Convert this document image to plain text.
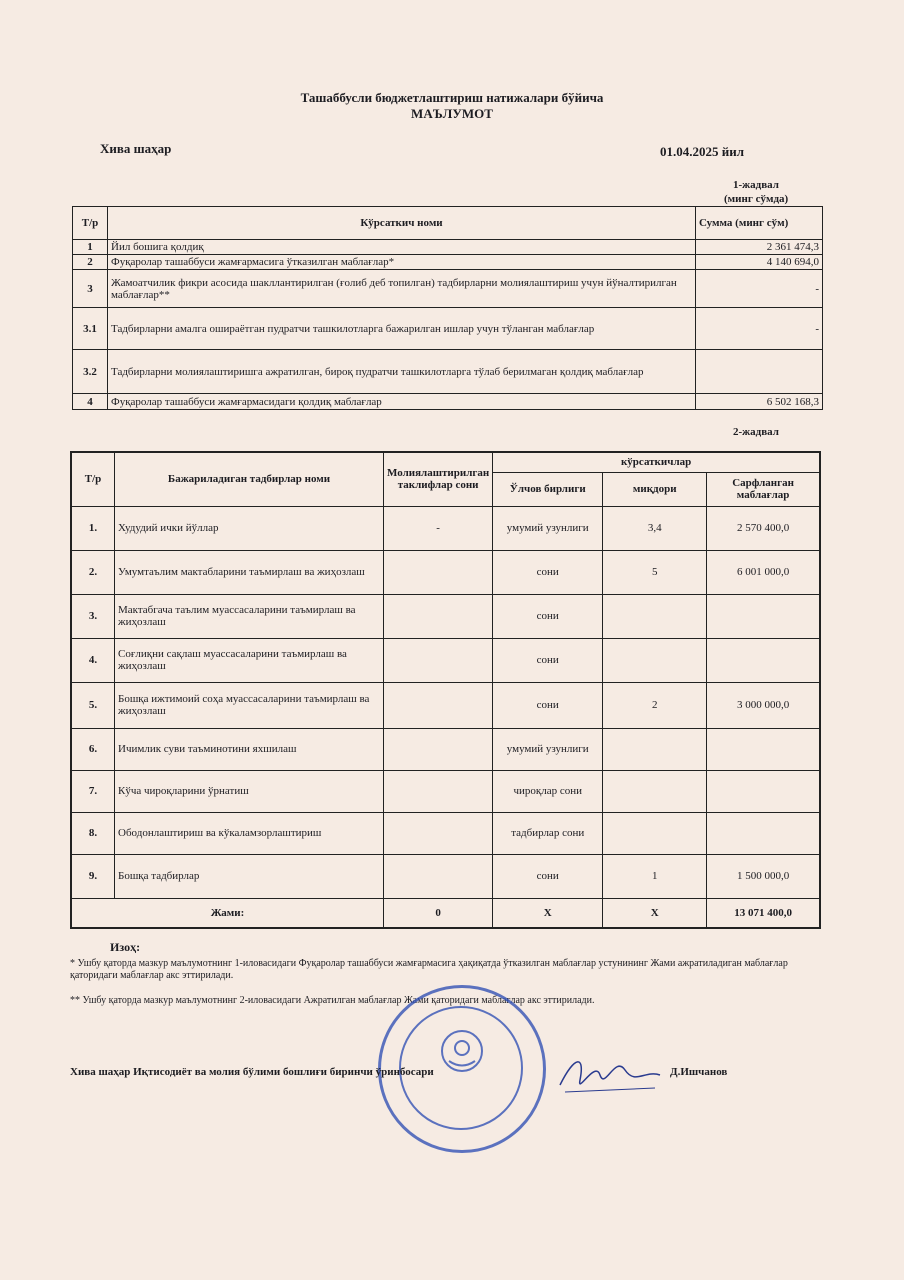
Ташаббусли бюджетлаштириш натижалари бўйича
МАЪЛУМОТ
Хива шаҳар	01.04.2025 йил
1-жадвал
(минг сўмда)
Т/р	Кўрсаткич номи	Сумма (минг сўм)
1	Йил бошига қолдиқ	2 361 474,3
2	Фуқаролар ташаббуси жамғармасига ўтказилган маблағлар*	4 140 694,0
3	Жамоатчилик фикри асосида шакллантирилган (ғолиб деб топилган) тадбирларни молиялаштириш учун йўналтирилган маблағлар**	-
3.1	Тадбирларни амалга ошираётган пудратчи ташкилотларга бажарилган ишлар учун тўланган маблағлар	-
3.2	Тадбирларни молиялаштиришга ажратилган, бироқ пудратчи ташкилотларга тўлаб берилмаган қолдиқ маблағлар	
4	Фуқаролар ташаббуси жамғармасидаги қолдиқ маблағлар	6 502 168,3
2-жадвал
Т/р	Бажариладиган тадбирлар номи	Молиялаштирилган таклифлар сони	кўрсаткичлар		
			Ўлчов бирлиги	миқдори	Сарфланган маблағлар
1.	Худудий ички йўллар	-	умумий узунлиги	3,4	2 570 400,0
2.	Умумтаълим мактабларини таъмирлаш ва жиҳозлаш		сони	5	6 001 000,0
3.	Мактабгача таълим муассасаларини таъмирлаш ва жиҳозлаш		сони		
4.	Соғлиқни сақлаш муассасаларини таъмирлаш ва жиҳозлаш		сони		
5.	Бошқа ижтимоий соҳа муассасаларини таъмирлаш ва жиҳозлаш		сони	2	3 000 000,0
6.	Ичимлик суви таъминотини яхшилаш		умумий узунлиги		
7.	Кўча чироқларини ўрнатиш		чироқлар сони		
8.	Ободонлаштириш ва кўкаламзорлаштириш		тадбирлар сони		
9.	Бошқа тадбирлар		сони	1	1 500 000,0
Жами:		0	Х	Х	13 071 400,0
Изоҳ:
* Ушбу қаторда мазкур маълумотнинг 1-иловасидаги Фуқаролар ташаббуси жамғармасига ҳақиқатда ўтказилган маблағлар устунининг Жами ажратиладиган маблағлар қаторидаги маблағлар акс эттирилади.
** Ушбу қаторда мазкур маълумотнинг 2-иловасидаги Ажратилган маблағлар Жами қаторидаги маблағлар акс эттирилади.
Хива шаҳар Иқтисодиёт ва молия бўлими бошлиғи биринчи ўринбосари	Д.Ишчанов
